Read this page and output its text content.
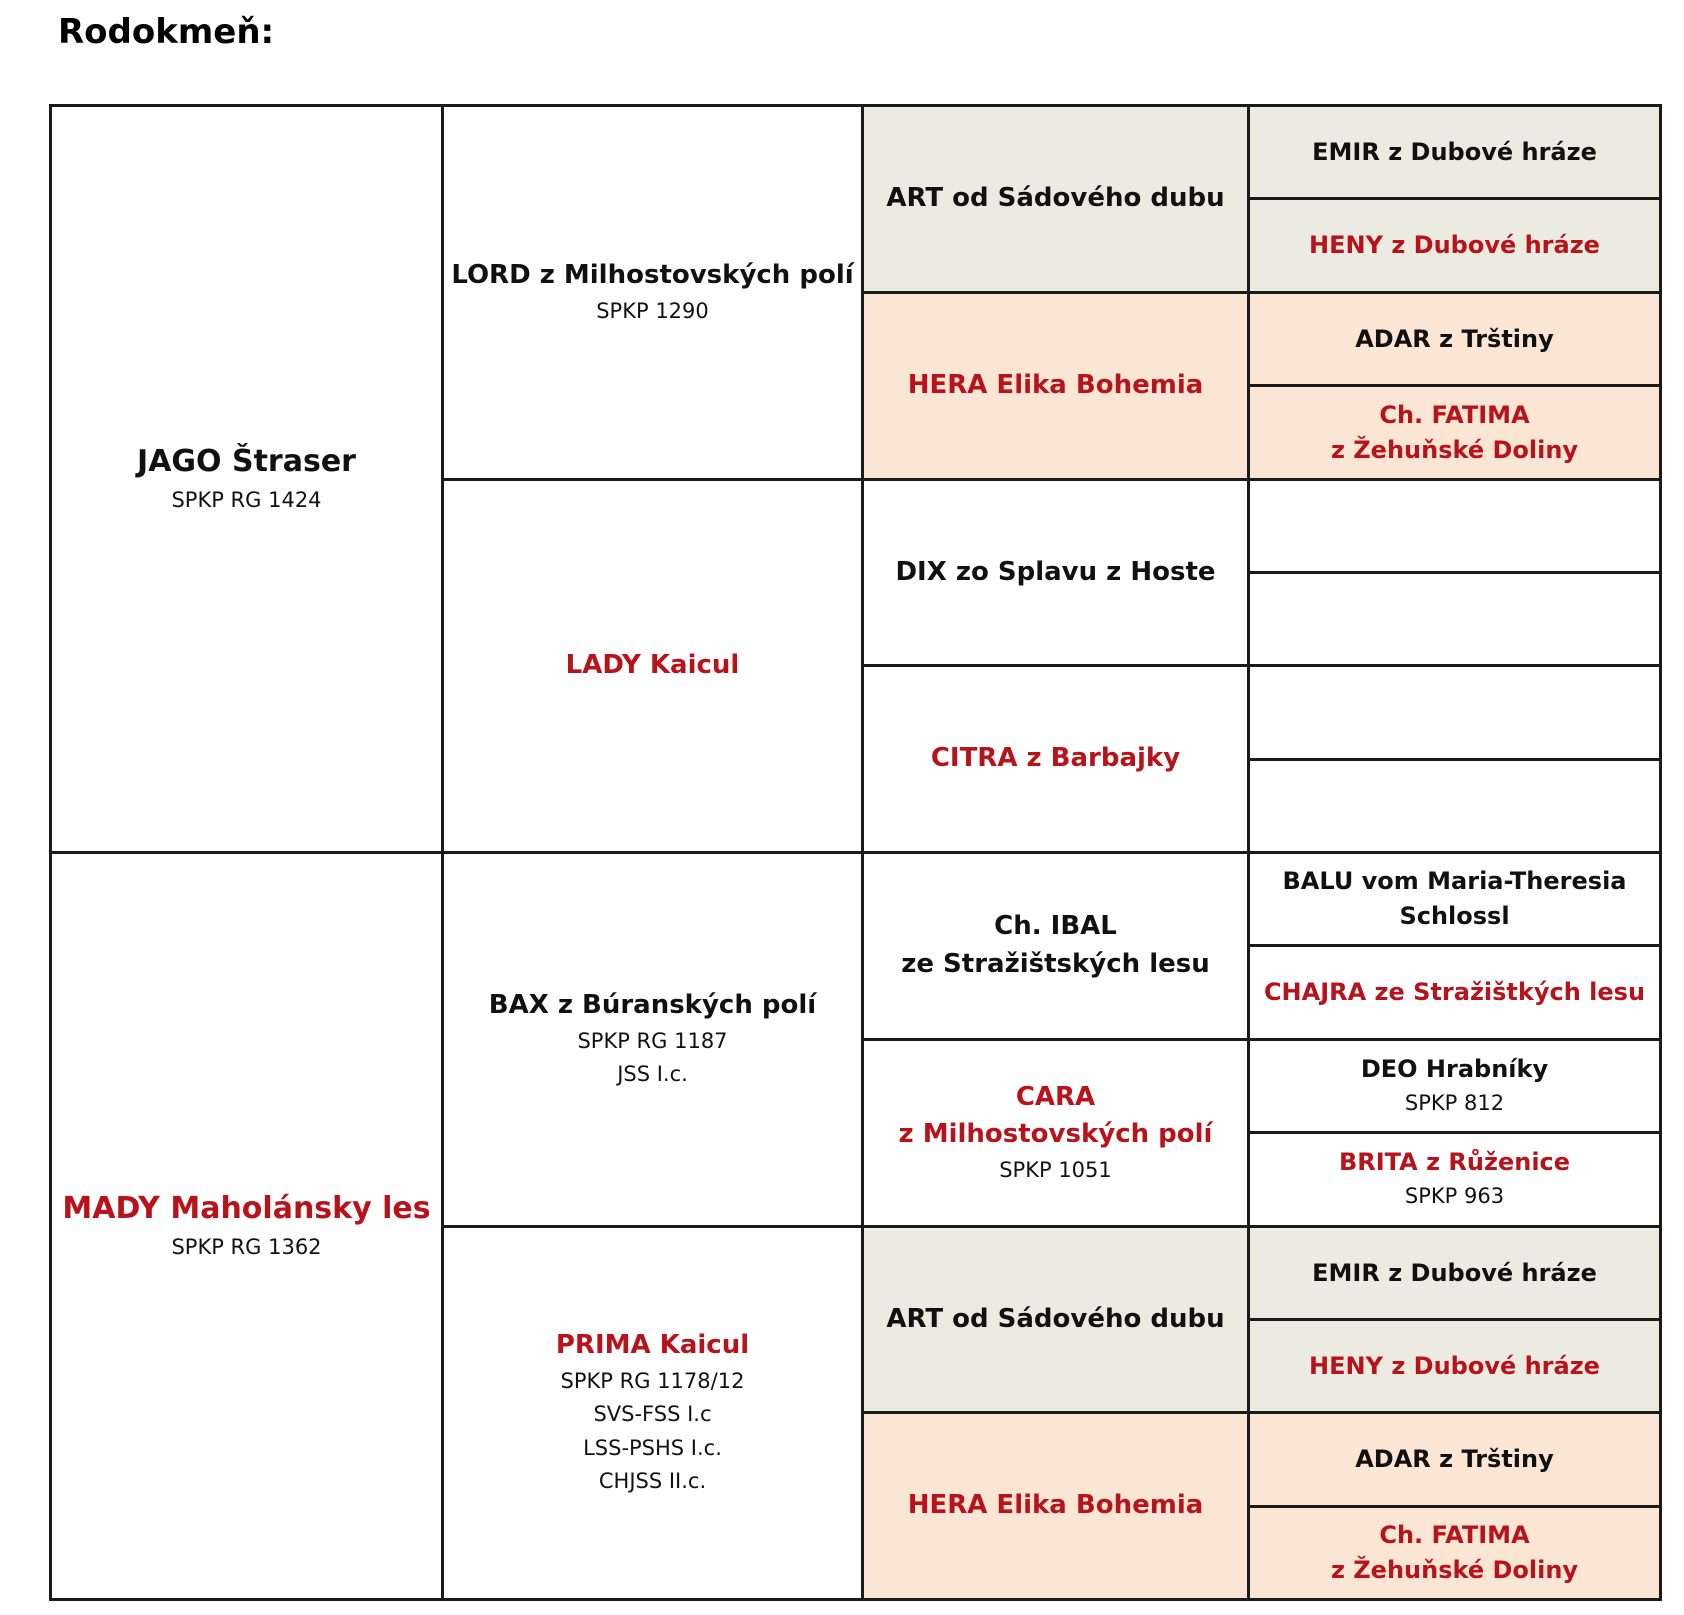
Rodokmeň:
JAGO Štraser
SPKP RG 1424
MADY Maholánsky les
SPKP RG 1362
LORD z Milhostovských polí
SPKP 1290
LADY Kaicul
BAX z Búranských polí
SPKP RG 1187
JSS I.c.
PRIMA Kaicul
SPKP RG 1178/12
SVS-FSS I.c
LSS-PSHS I.c.
CHJSS II.c.
ART od Sádového dubu
HERA Elika Bohemia
DIX zo Splavu z Hoste
CITRA z Barbajky
Ch. IBAL
ze Stražištských lesu
CARA
z Milhostovských polí
SPKP 1051
ART od Sádového dubu
HERA Elika Bohemia
EMIR z Dubové hráze
HENY z Dubové hráze
ADAR z Trštiny
Ch. FATIMA
z Žehuňské Doliny
BALU vom Maria-Theresia
Schlossl
CHAJRA ze Stražištkých lesu
DEO Hrabníky
SPKP 812
BRITA z Růženice
SPKP 963
EMIR z Dubové hráze
HENY z Dubové hráze
ADAR z Trštiny
Ch. FATIMA
z Žehuňské Doliny
